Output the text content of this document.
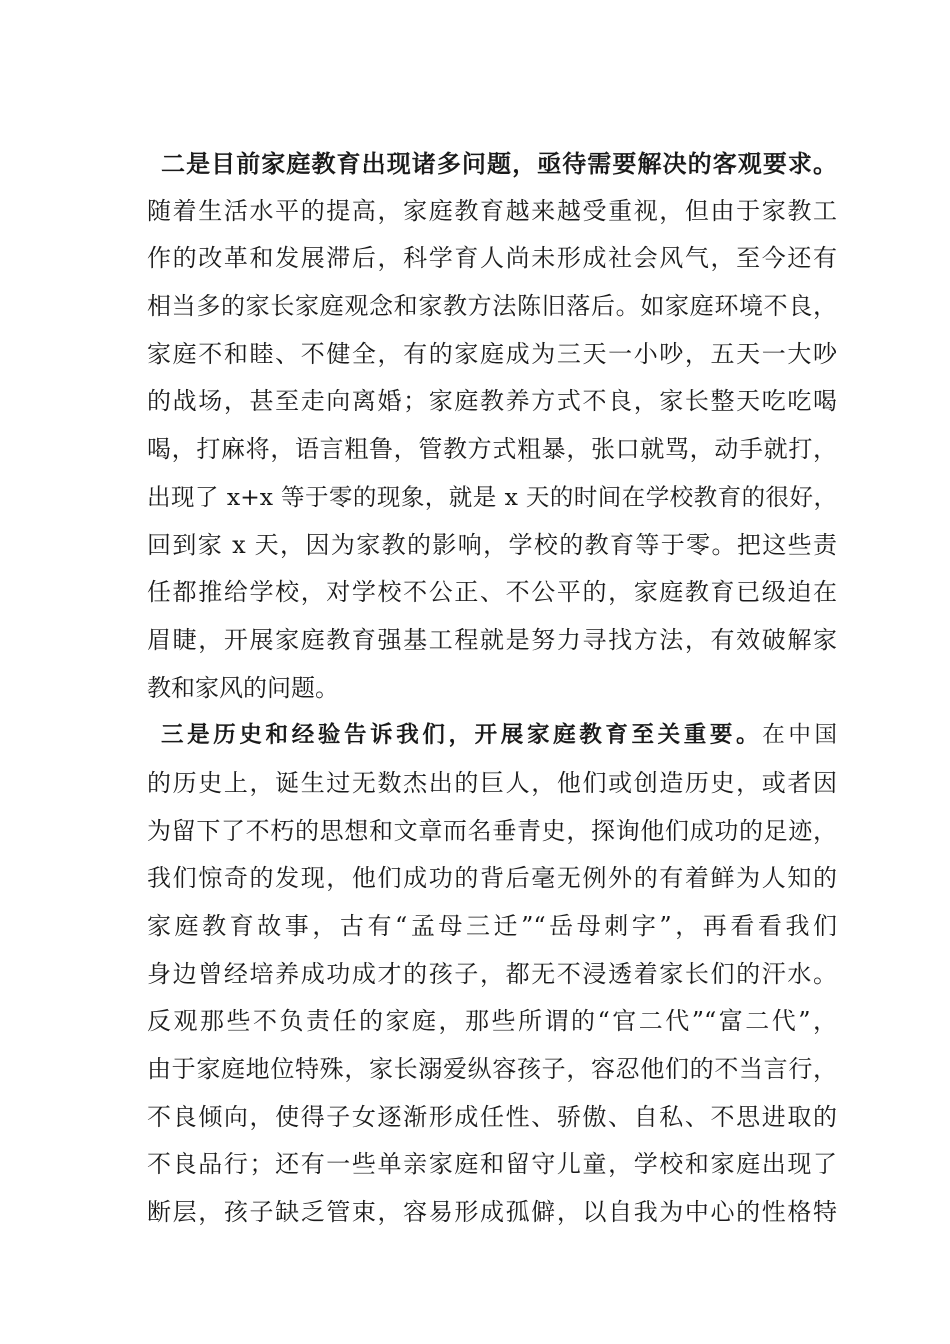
二是目前家庭教育出现诸多问题，亟待需要解决的客观要求。
随着生活水平的提高，家庭教育越来越受重视，但由于家教工
作的改革和发展滞后，科学育人尚未形成社会风气，至今还有
相当多的家长家庭观念和家教方法陈旧落后。如家庭环境不良，
家庭不和睦、不健全，有的家庭成为三天一小吵，五天一大吵
的战场，甚至走向离婚；家庭教养方式不良，家长整天吃吃喝
喝，打麻将，语言粗鲁，管教方式粗暴，张口就骂，动手就打，
出现了 x+x 等于零的现象，就是 x 天的时间在学校教育的很好，
回到家 x 天，因为家教的影响，学校的教育等于零。把这些责
任都推给学校，对学校不公正、不公平的，家庭教育已级迫在
眉睫，开展家庭教育强基工程就是努力寻找方法，有效破解家
教和家风的问题。
三是历史和经验告诉我们，开展家庭教育至关重要。在中国
的历史上，诞生过无数杰出的巨人，他们或创造历史，或者因
为留下了不朽的思想和文章而名垂青史，探询他们成功的足迹，
我们惊奇的发现，他们成功的背后毫无例外的有着鲜为人知的
家庭教育故事，古有“孟母三迁”“岳母刺字”，再看看我们
身边曾经培养成功成才的孩子，都无不浸透着家长们的汗水。
反观那些不负责任的家庭，那些所谓的“官二代”“富二代”，
由于家庭地位特殊，家长溺爱纵容孩子，容忍他们的不当言行，
不良倾向，使得子女逐渐形成任性、骄傲、自私、不思进取的
不良品行；还有一些单亲家庭和留守儿童，学校和家庭出现了
断层，孩子缺乏管束，容易形成孤僻，以自我为中心的性格特
